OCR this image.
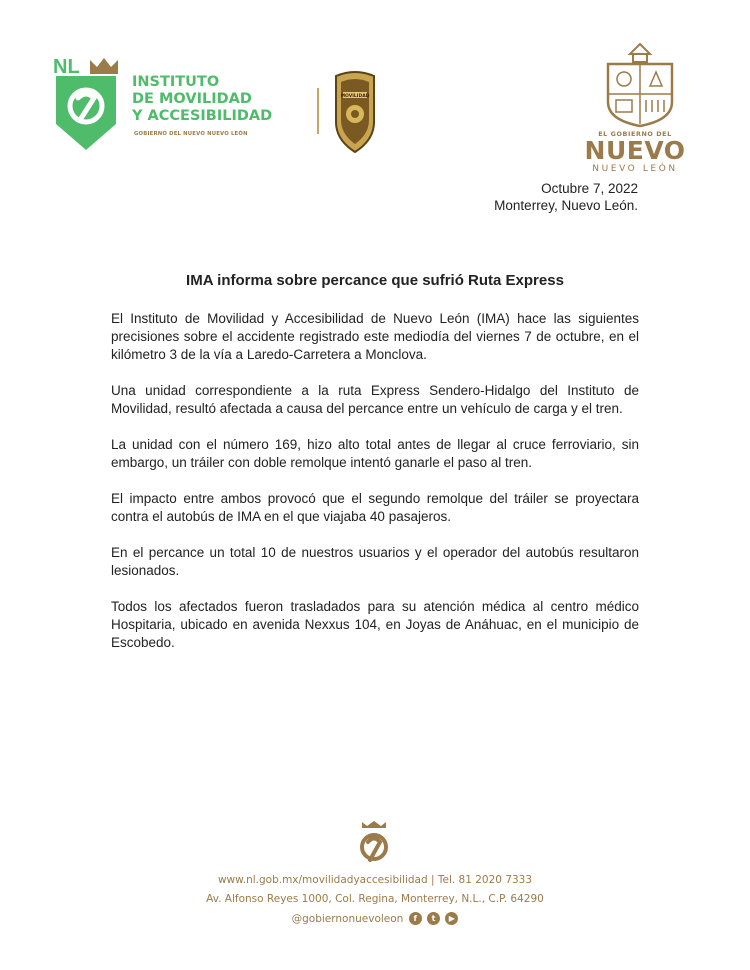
NL
INSTITUTO
DE MOVILIDAD
Y ACCESIBILIDAD
GOBIERNO DEL NUEVO NUEVO LEÓN
MOVILIDAD
EL GOBIERNO DEL
NUEVO
NUEVO LEÓN
Octubre 7, 2022
Monterrey, Nuevo León.
IMA informa sobre percance que sufrió Ruta Express

El Instituto de Movilidad y Accesibilidad de Nuevo León (IMA) hace las siguientes precisiones sobre el accidente registrado este mediodía del viernes 7 de octubre, en el kilómetro 3 de la vía a Laredo-Carretera a Monclova.

Una unidad correspondiente a la ruta Express Sendero-Hidalgo del Instituto de Movilidad, resultó afectada a causa del percance entre un vehículo de carga y el tren.

La unidad con el número 169, hizo alto total antes de llegar al cruce ferroviario, sin embargo, un tráiler con doble remolque intentó ganarle el paso al tren.

El impacto entre ambos provocó que el segundo remolque del tráiler se proyectara contra el autobús de IMA en el que viajaba 40 pasajeros.

En el percance un total 10 de nuestros usuarios y el operador del autobús resultaron lesionados.

Todos los afectados fueron trasladados para su atención médica al centro médico Hospitaria, ubicado en avenida Nexxus 104, en Joyas de Anáhuac, en el municipio de Escobedo.

www.nl.gob.mx/movilidadyaccesibilidad | Tel. 81 2020 7333
Av. Alfonso Reyes 1000, Col. Regina, Monterrey, N.L., C.P. 64290
@gobiernonuevoleon	f
	t
	▶
